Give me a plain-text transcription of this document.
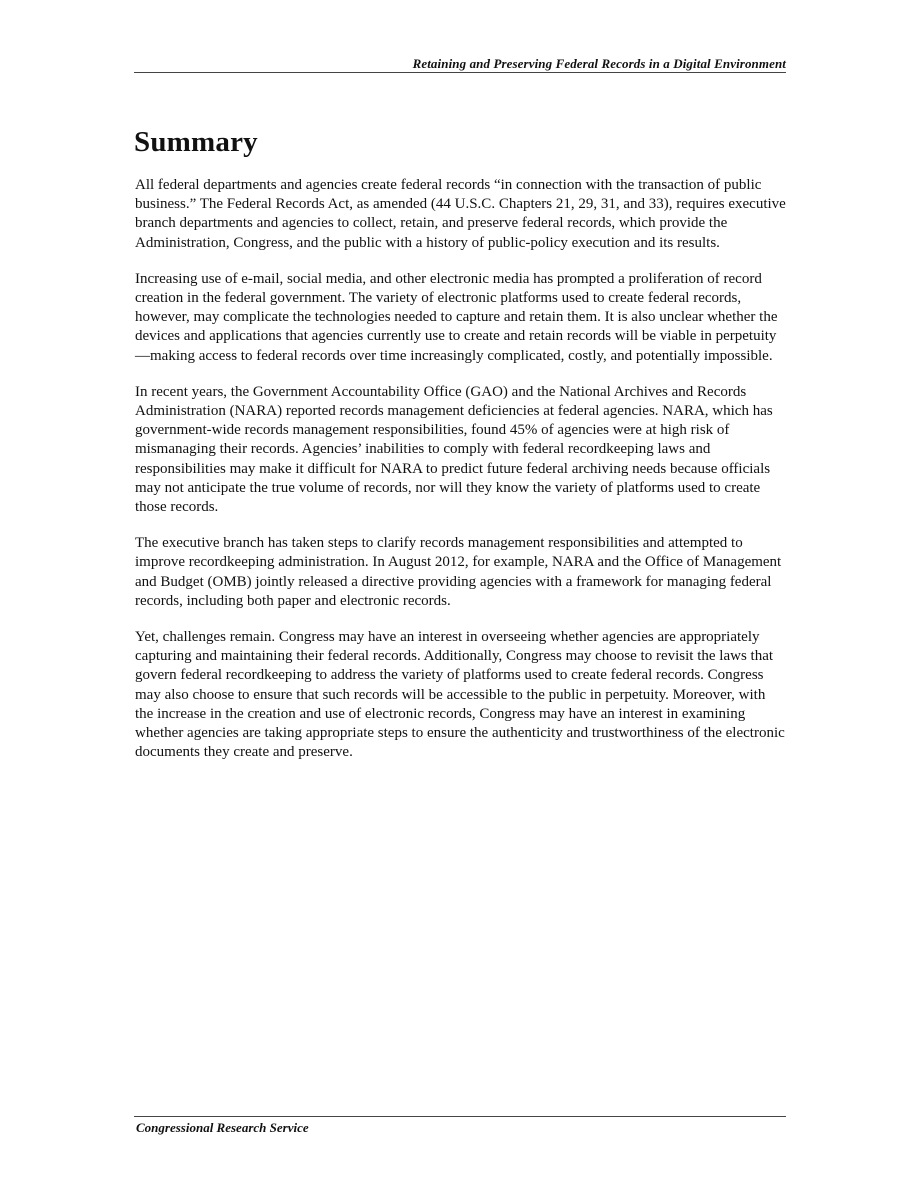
Retaining and Preserving Federal Records in a Digital Environment
Summary

All federal departments and agencies create federal records “in connection with the transaction of public business.” The Federal Records Act, as amended (44 U.S.C. Chapters 21, 29, 31, and 33), requires executive branch departments and agencies to collect, retain, and preserve federal records, which provide the Administration, Congress, and the public with a history of public-policy execution and its results.

Increasing use of e-mail, social media, and other electronic media has prompted a proliferation of record creation in the federal government. The variety of electronic platforms used to create federal records, however, may complicate the technologies needed to capture and retain them. It is also unclear whether the devices and applications that agencies currently use to create and retain records will be viable in perpetuity—making access to federal records over time increasingly complicated, costly, and potentially impossible.

In recent years, the Government Accountability Office (GAO) and the National Archives and Records Administration (NARA) reported records management deficiencies at federal agencies. NARA, which has government-wide records management responsibilities, found 45% of agencies were at high risk of mismanaging their records. Agencies’ inabilities to comply with federal recordkeeping laws and responsibilities may make it difficult for NARA to predict future federal archiving needs because officials may not anticipate the true volume of records, nor will they know the variety of platforms used to create those records.

The executive branch has taken steps to clarify records management responsibilities and attempted to improve recordkeeping administration. In August 2012, for example, NARA and the Office of Management and Budget (OMB) jointly released a directive providing agencies with a framework for managing federal records, including both paper and electronic records.

Yet, challenges remain. Congress may have an interest in overseeing whether agencies are appropriately capturing and maintaining their federal records. Additionally, Congress may choose to revisit the laws that govern federal recordkeeping to address the variety of platforms used to create federal records. Congress may also choose to ensure that such records will be accessible to the public in perpetuity. Moreover, with the increase in the creation and use of electronic records, Congress may have an interest in examining whether agencies are taking appropriate steps to ensure the authenticity and trustworthiness of the electronic documents they create and preserve.

Congressional Research Service
